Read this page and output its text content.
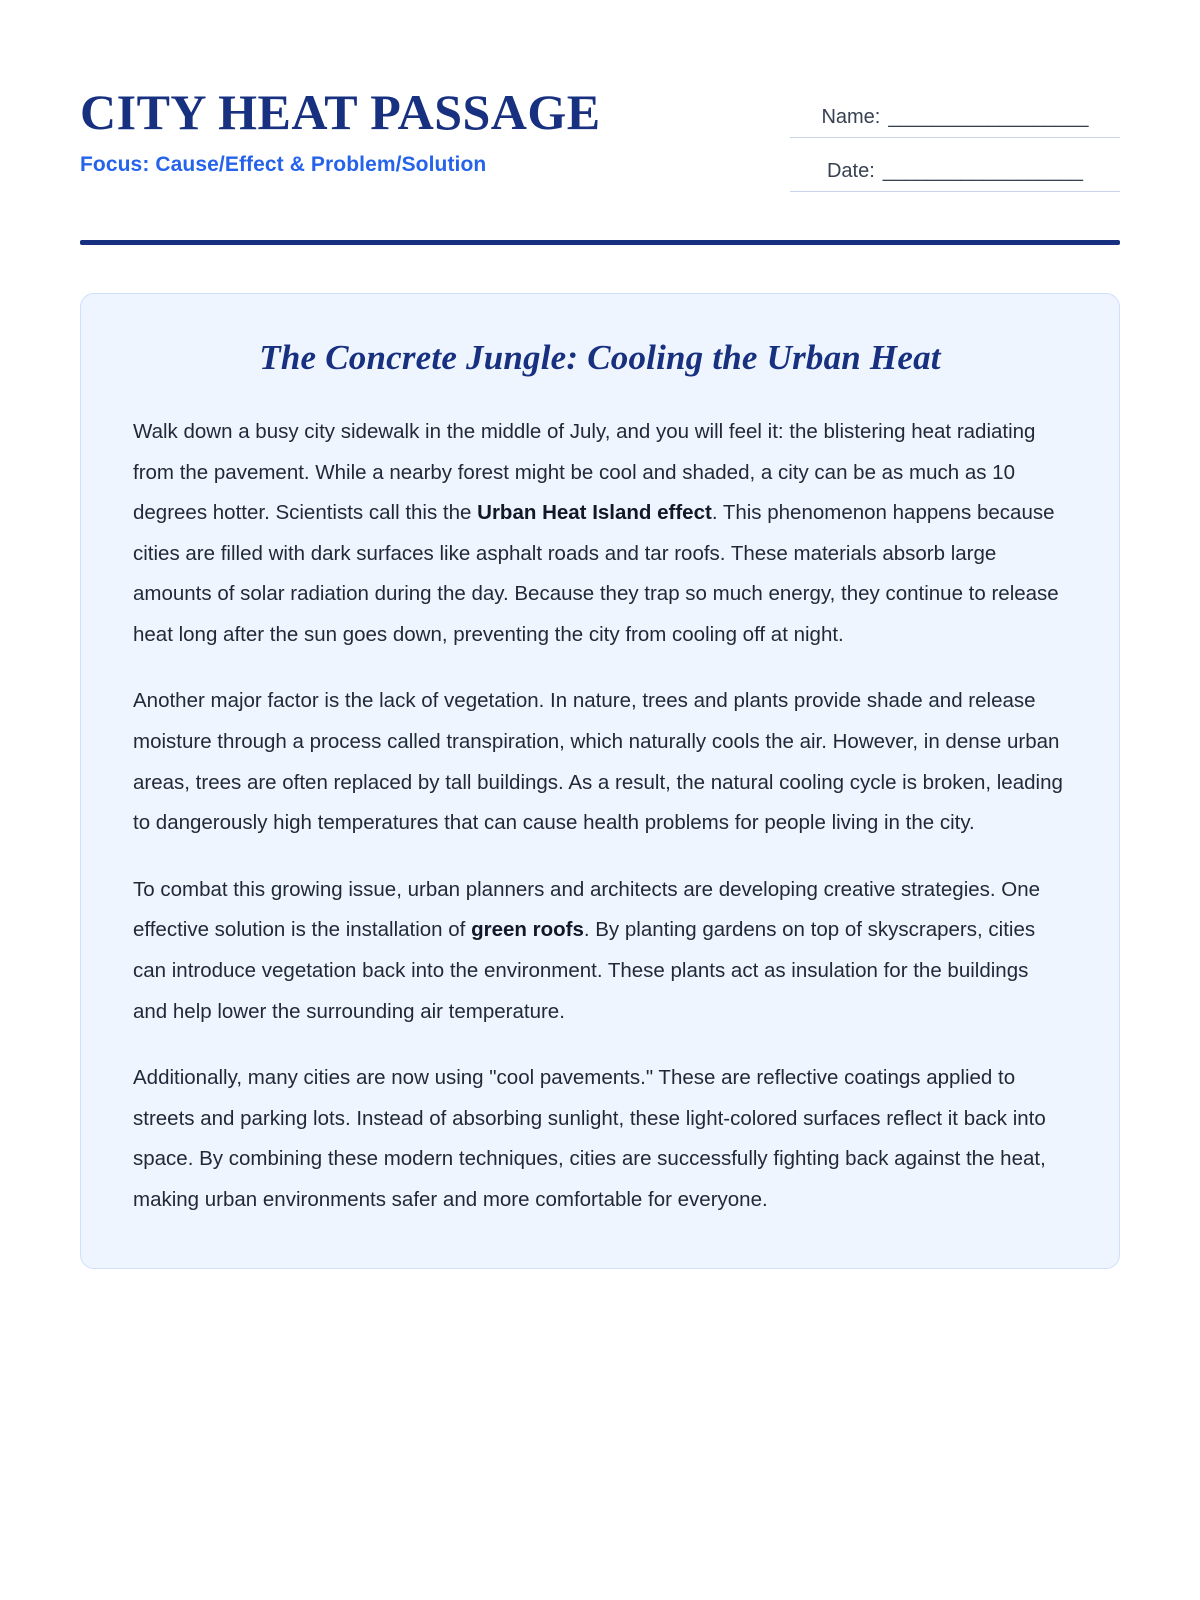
CITY HEAT PASSAGE
Focus: Cause/Effect & Problem/Solution
Name: __________________
Date: __________________
The Concrete Jungle: Cooling the Urban Heat

Walk down a busy city sidewalk in the middle of July, and you will feel it: the blistering heat radiating from the pavement. While a nearby forest might be cool and shaded, a city can be as much as 10 degrees hotter. Scientists call this the Urban Heat Island effect. This phenomenon happens because cities are filled with dark surfaces like asphalt roads and tar roofs. These materials absorb large amounts of solar radiation during the day. Because they trap so much energy, they continue to release heat long after the sun goes down, preventing the city from cooling off at night.

Another major factor is the lack of vegetation. In nature, trees and plants provide shade and release moisture through a process called transpiration, which naturally cools the air. However, in dense urban areas, trees are often replaced by tall buildings. As a result, the natural cooling cycle is broken, leading to dangerously high temperatures that can cause health problems for people living in the city.

To combat this growing issue, urban planners and architects are developing creative strategies. One effective solution is the installation of green roofs. By planting gardens on top of skyscrapers, cities can introduce vegetation back into the environment. These plants act as insulation for the buildings and help lower the surrounding air temperature.

Additionally, many cities are now using "cool pavements." These are reflective coatings applied to streets and parking lots. Instead of absorbing sunlight, these light-colored surfaces reflect it back into space. By combining these modern techniques, cities are successfully fighting back against the heat, making urban environments safer and more comfortable for everyone.
